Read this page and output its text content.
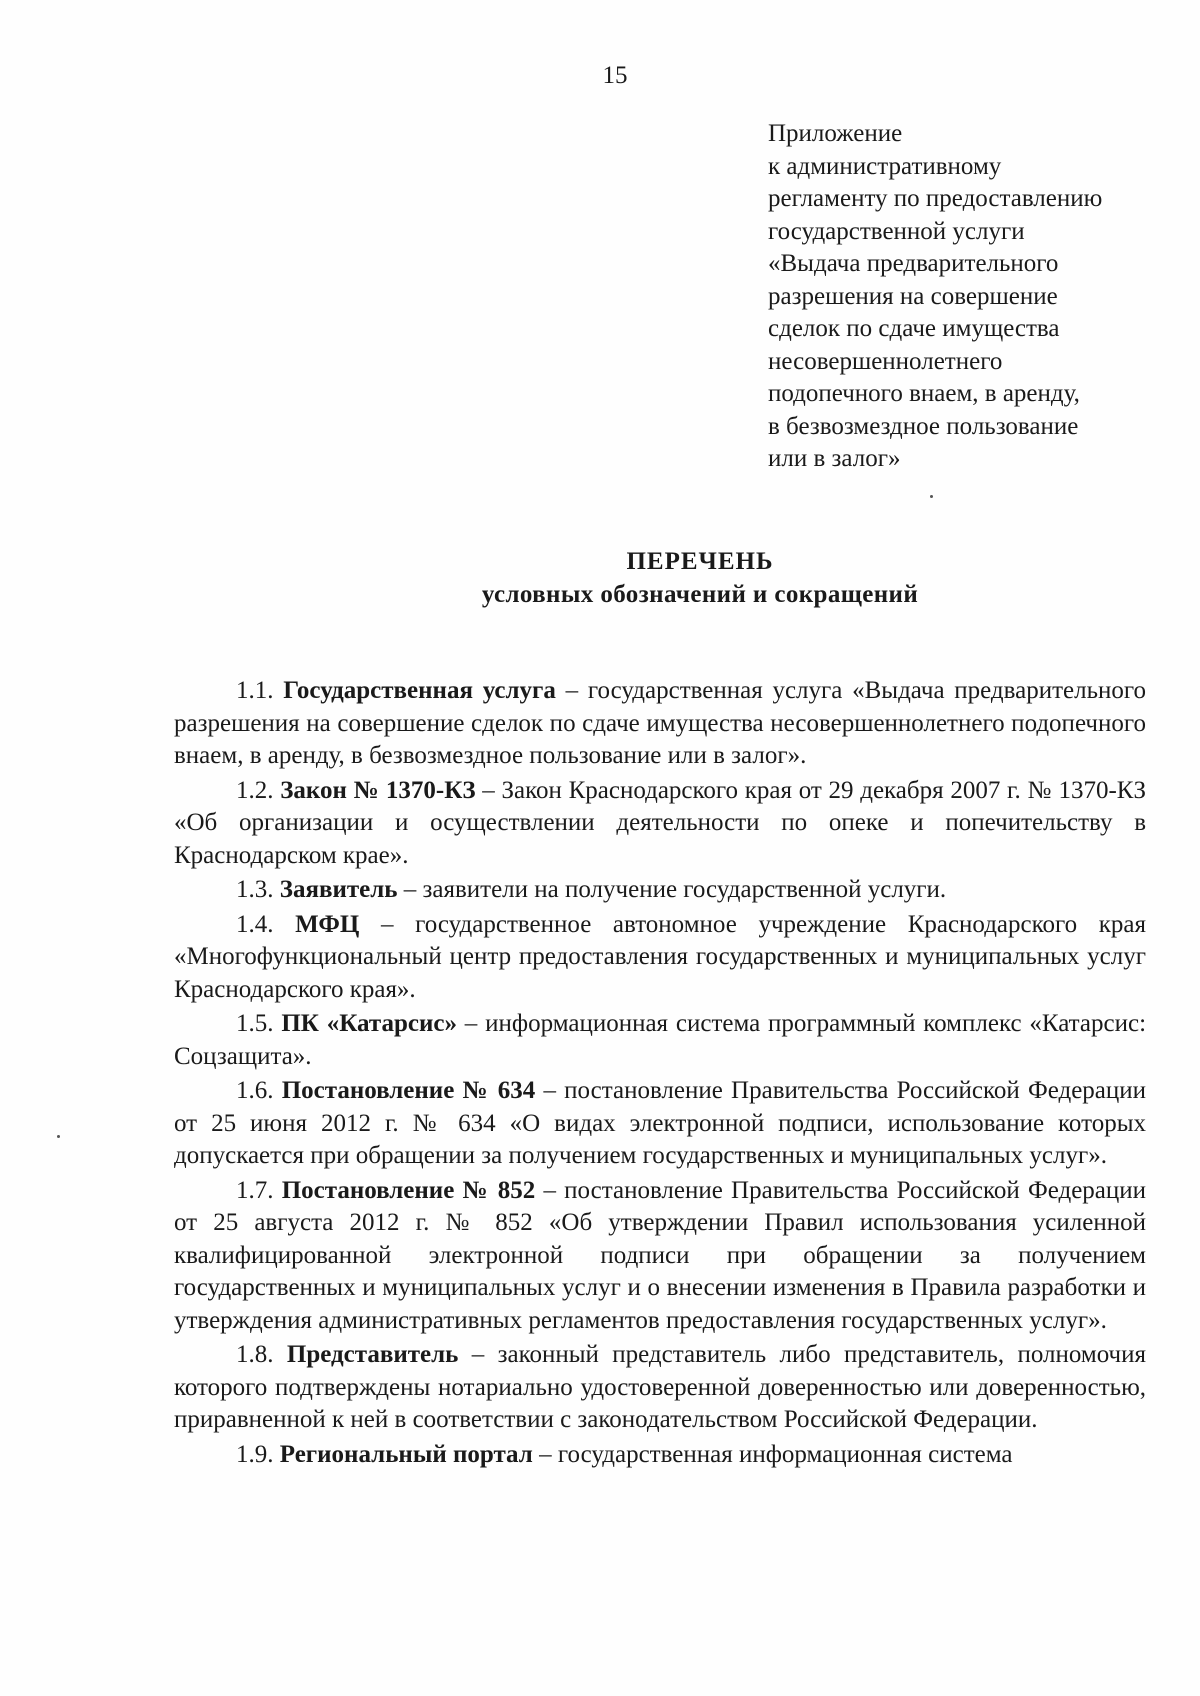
15
Приложение
к административному
регламенту по предоставлению
государственной услуги
«Выдача предварительного
разрешения на совершение
сделок по сдаче имущества
несовершеннолетнего
подопечного внаем, в аренду,
в безвозмездное пользование
или в залог»
ПЕРЕЧЕНЬ
условных обозначений и сокращений

1.1. Государственная услуга – государственная услуга «Выдача предварительного разрешения на совершение сделок по сдаче имущества несовершеннолетнего подопечного внаем, в аренду, в безвозмездное пользование или в залог».

1.2. Закон № 1370-КЗ – Закон Краснодарского края от 29 декабря 2007 г. № 1370-КЗ «Об организации и осуществлении деятельности по опеке и попечительству в Краснодарском крае».

1.3. Заявитель – заявители на получение государственной услуги.

1.4. МФЦ – государственное автономное учреждение Краснодарского края «Многофункциональный центр предоставления государственных и муниципальных услуг Краснодарского края».

1.5. ПК «Катарсис» – информационная система программный комплекс «Катарсис: Соцзащита».

1.6. Постановление № 634 – постановление Правительства Российской Федерации от 25 июня 2012 г. № 634 «О видах электронной подписи, использование которых допускается при обращении за получением государственных и муниципальных услуг».

1.7. Постановление № 852 – постановление Правительства Российской Федерации от 25 августа 2012 г. № 852 «Об утверждении Правил использования усиленной квалифицированной электронной подписи при обращении за получением государственных и муниципальных услуг и о внесении изменения в Правила разработки и утверждения административных регламентов предоставления государственных услуг».

1.8. Представитель – законный представитель либо представитель, полномочия которого подтверждены нотариально удостоверенной доверенностью или доверенностью, приравненной к ней в соответствии с законодательством Российской Федерации.

1.9. Региональный портал – государственная информационная система
